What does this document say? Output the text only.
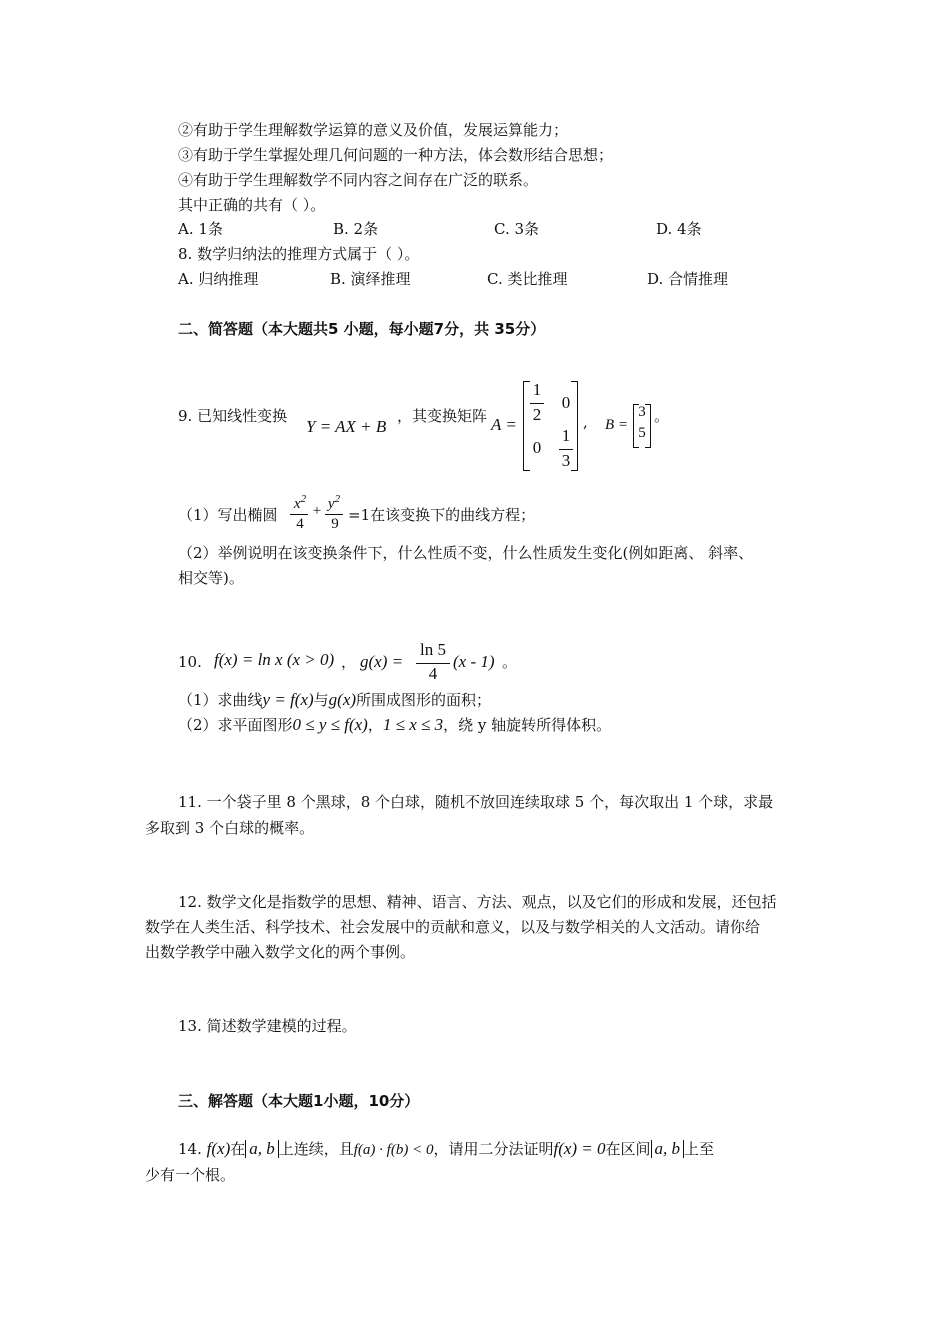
②有助于学生理解数学运算的意义及价值，发展运算能力；
③有助于学生掌握处理几何问题的一种方法，体会数形结合思想；
④有助于学生理解数学不同内容之间存在广泛的联系。
其中正确的共有（ ）。
A. 1条	B. 2条	C. 3条	D. 4条
8. 数学归纳法的推理方式属于（ ）。
A. 归纳推理	B. 演绎推理	C. 类比推理	D. 合情推理
二、简答题（本大题共5 小题，每小题7分，共 35分）
9. 已知线性变换
Y = AX + B
，其变换矩阵 A =
1
2
0
0
1
3
, B =
3
5
。
（1）写出椭圆
$x^2$
4
+ $y^2$
9 =1在该变换下的曲线方程；
（2）举例说明在该变换条件下，什么性质不变，什么性质发生变化(例如距离、 斜率、
相交等)。
10. f(x) = ln x (x > 0) ， g(x) =
ln 5
4
(x - 1) 。
（1）求曲线y = f(x)与g(x)所围成图形的面积；
（2）求平面图形0 ≤ y ≤ f(x)，1 ≤ x ≤ 3，绕 y 轴旋转所得体积。
11. 一个袋子里 8 个黑球，8 个白球，随机不放回连续取球 5 个，每次取出 1 个球，求最
多取到 3 个白球的概率。
12. 数学文化是指数学的思想、精神、语言、方法、观点，以及它们的形成和发展，还包括
数学在人类生活、科学技术、社会发展中的贡献和意义，以及与数学相关的人文活动。请你给
出数学教学中融入数学文化的两个事例。
13. 简述数学建模的过程。
三、解答题（本大题1小题，10分）
14. f(x)在 a, b 上连续，且f(a) · f(b) < 0，请用二分法证明f(x) = 0在区间 a, b 上至
少有一个根。
